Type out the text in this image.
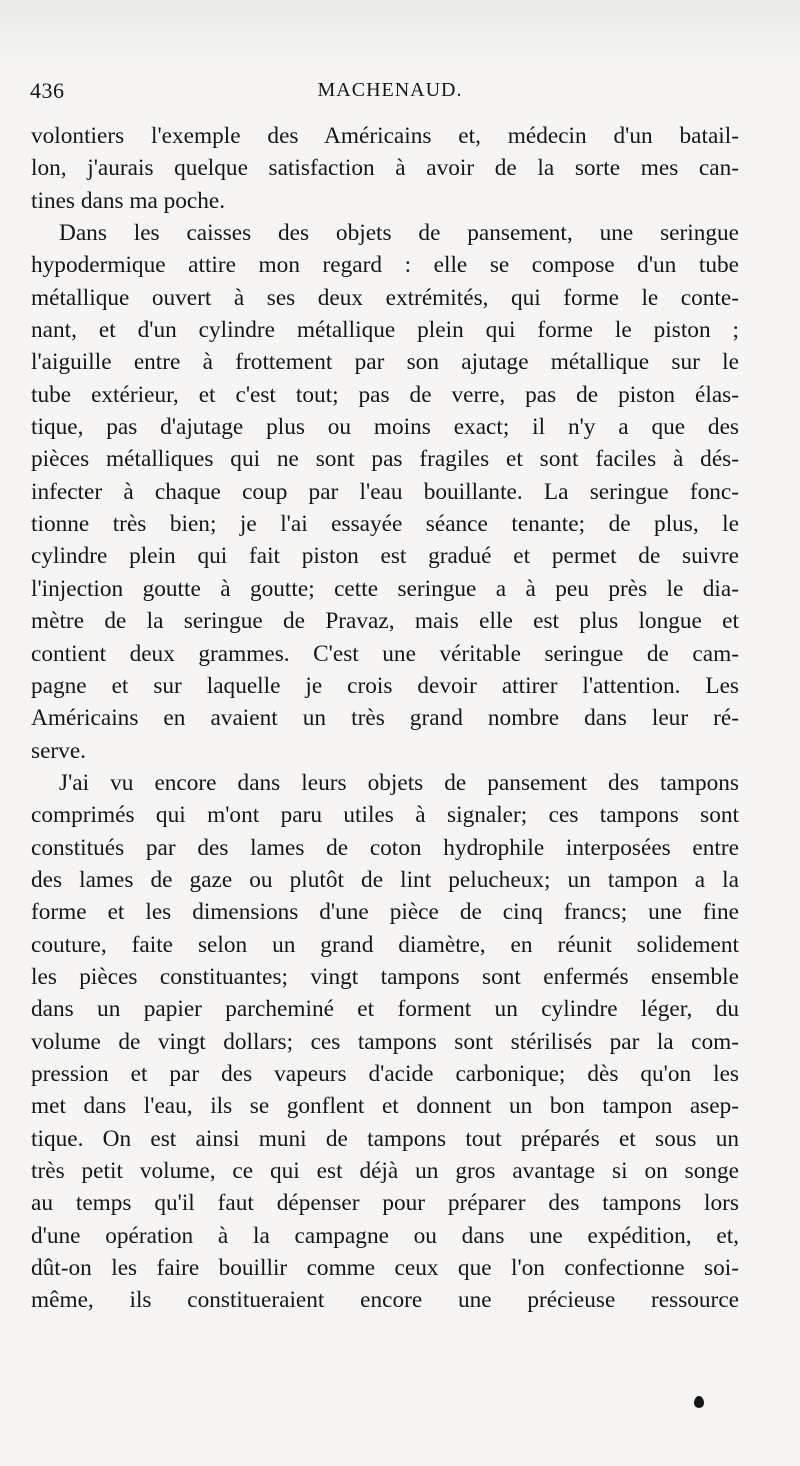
436	MACHENAUD.
volontiers l'exemple des Américains et, médecin d'un batail-
lon, j'aurais quelque satisfaction à avoir de la sorte mes can-
tines dans ma poche.
Dans les caisses des objets de pansement, une seringue
hypodermique attire mon regard : elle se compose d'un tube
métallique ouvert à ses deux extrémités, qui forme le conte-
nant, et d'un cylindre métallique plein qui forme le piston ;
l'aiguille entre à frottement par son ajutage métallique sur le
tube extérieur, et c'est tout; pas de verre, pas de piston élas-
tique, pas d'ajutage plus ou moins exact; il n'y a que des
pièces métalliques qui ne sont pas fragiles et sont faciles à dés-
infecter à chaque coup par l'eau bouillante. La seringue fonc-
tionne très bien; je l'ai essayée séance tenante; de plus, le
cylindre plein qui fait piston est gradué et permet de suivre
l'injection goutte à goutte; cette seringue a à peu près le dia-
mètre de la seringue de Pravaz, mais elle est plus longue et
contient deux grammes. C'est une véritable seringue de cam-
pagne et sur laquelle je crois devoir attirer l'attention. Les
Américains en avaient un très grand nombre dans leur ré-
serve.
J'ai vu encore dans leurs objets de pansement des tampons
comprimés qui m'ont paru utiles à signaler; ces tampons sont
constitués par des lames de coton hydrophile interposées entre
des lames de gaze ou plutôt de lint pelucheux; un tampon a la
forme et les dimensions d'une pièce de cinq francs; une fine
couture, faite selon un grand diamètre, en réunit solidement
les pièces constituantes; vingt tampons sont enfermés ensemble
dans un papier parcheminé et forment un cylindre léger, du
volume de vingt dollars; ces tampons sont stérilisés par la com-
pression et par des vapeurs d'acide carbonique; dès qu'on les
met dans l'eau, ils se gonflent et donnent un bon tampon asep-
tique. On est ainsi muni de tampons tout préparés et sous un
très petit volume, ce qui est déjà un gros avantage si on songe
au temps qu'il faut dépenser pour préparer des tampons lors
d'une opération à la campagne ou dans une expédition, et,
dût-on les faire bouillir comme ceux que l'on confectionne soi-
même, ils constitueraient encore une précieuse ressource
